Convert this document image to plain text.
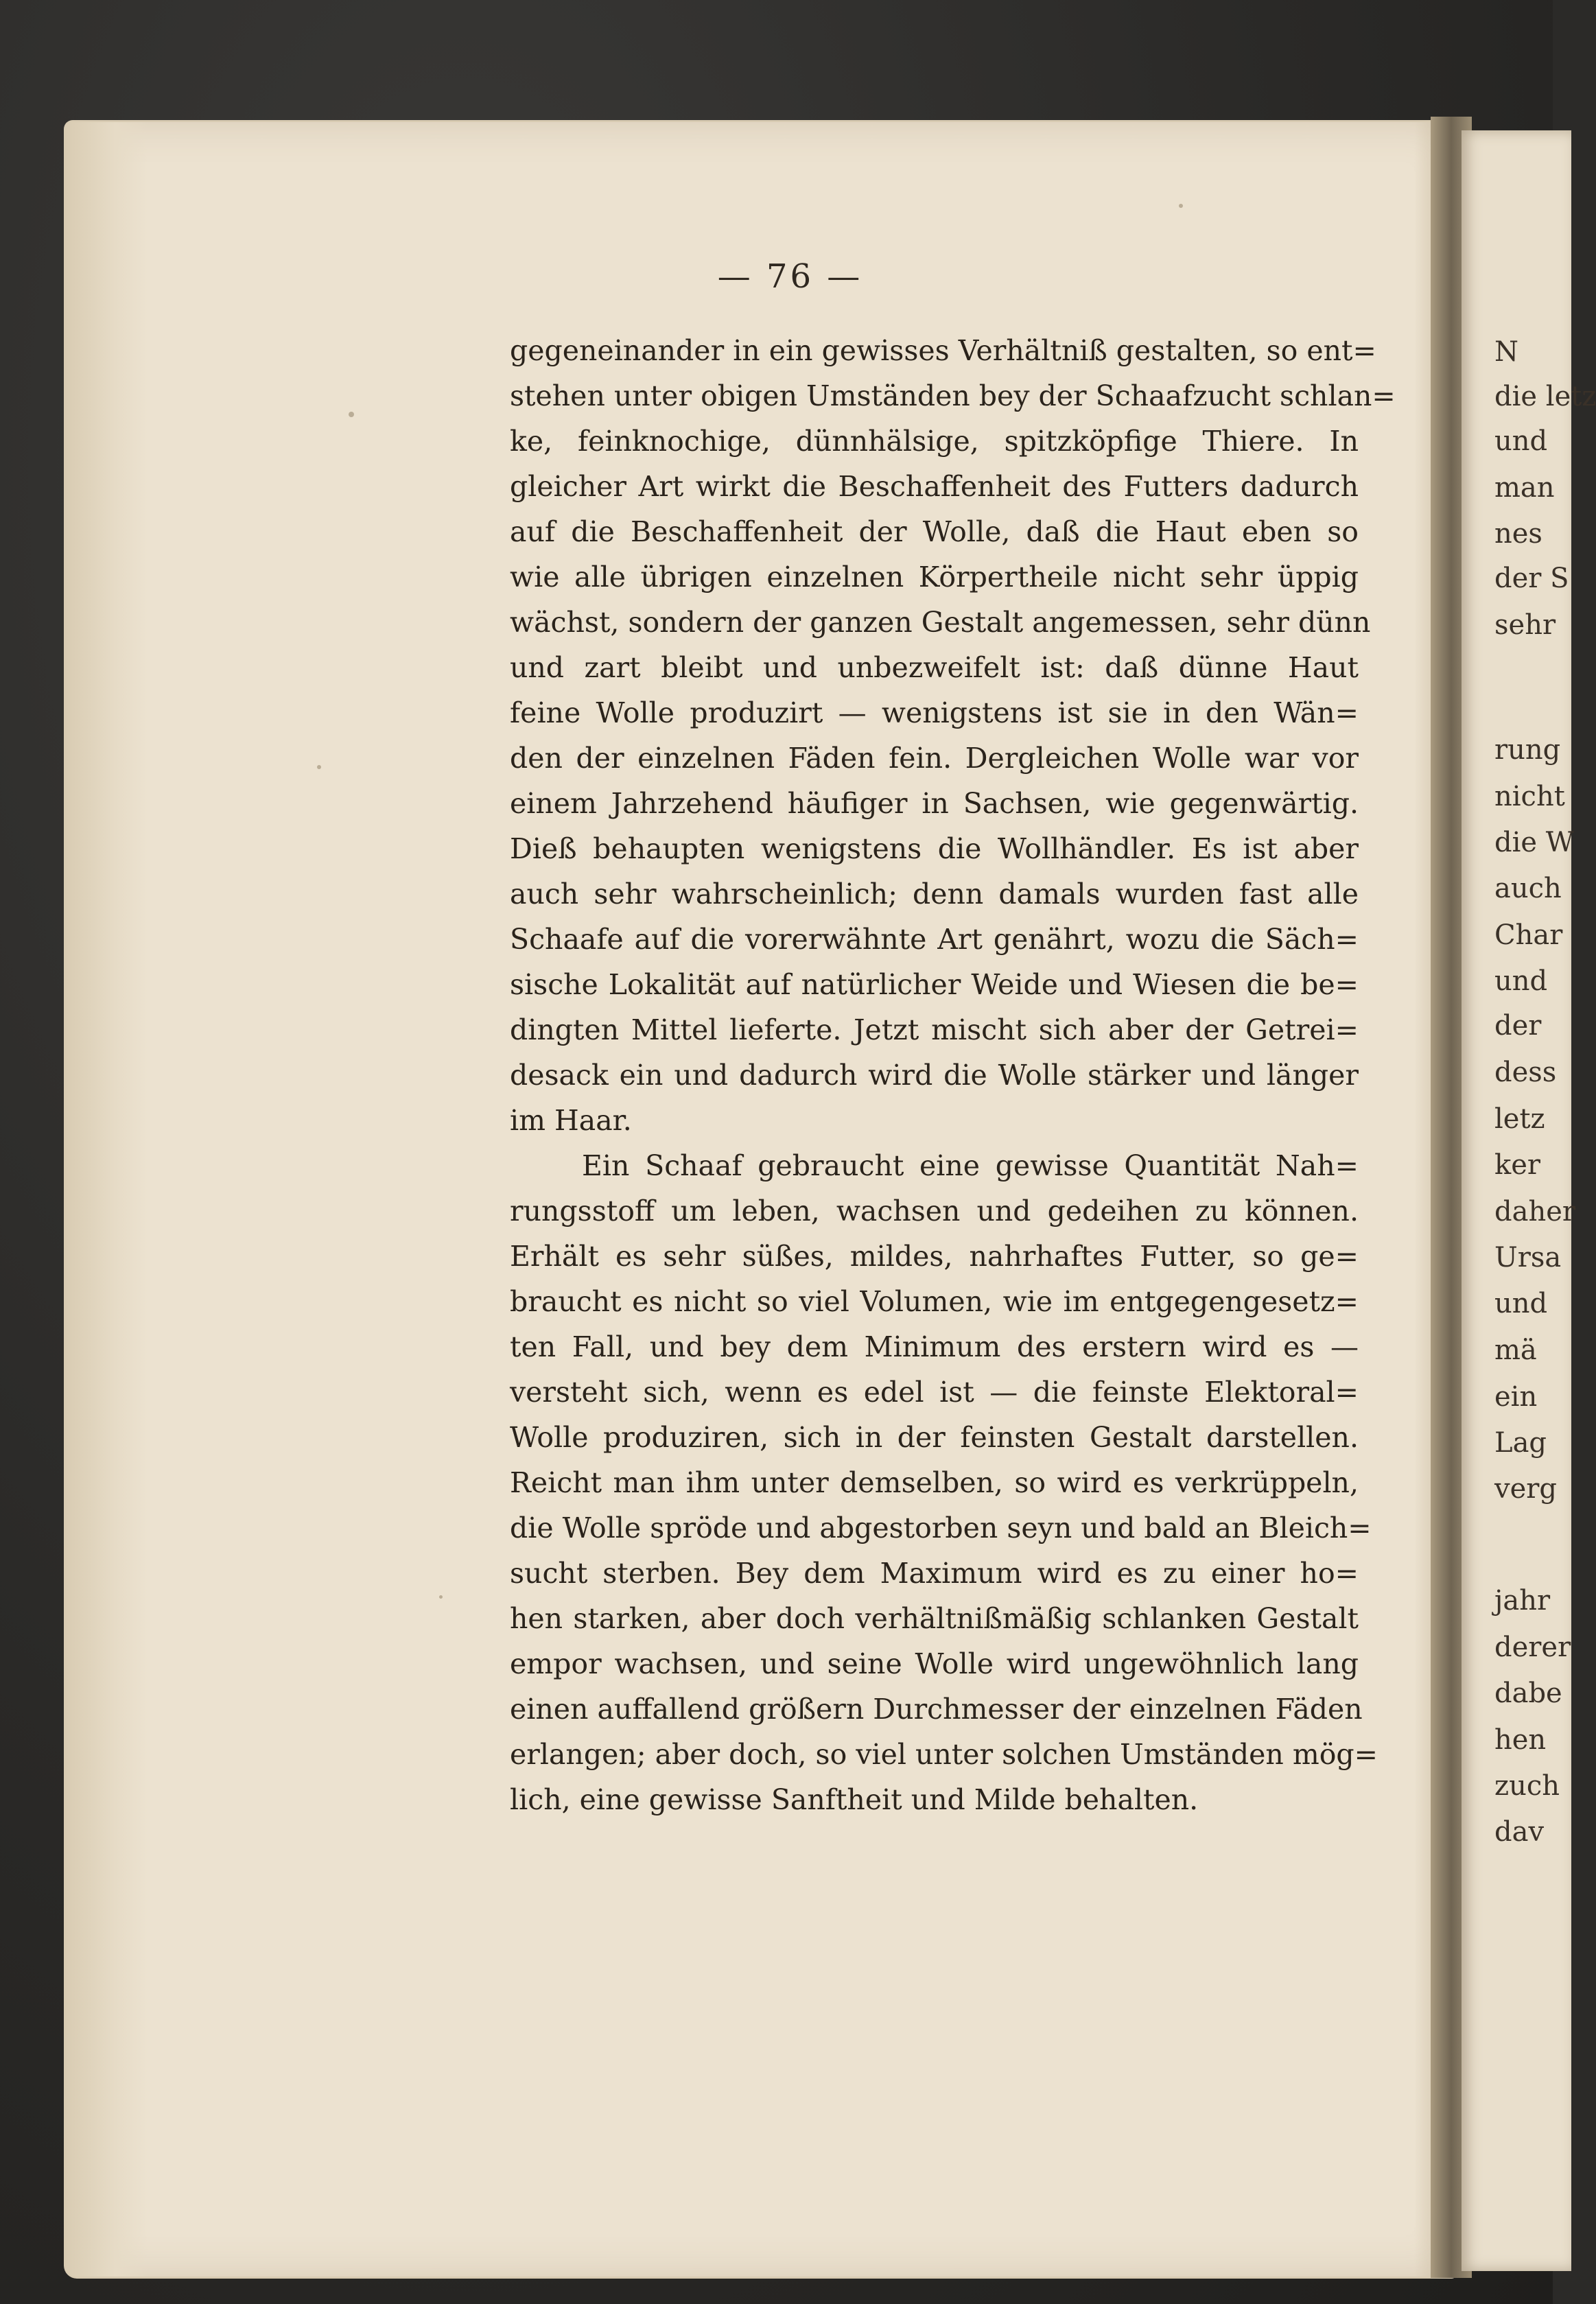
— 76 —
gegeneinander in ein gewisses Verhältniß gestalten, so ent=
stehen unter obigen Umständen bey der Schaafzucht schlan=
ke, feinknochige, dünnhälsige, spitzköpfige Thiere. In
gleicher Art wirkt die Beschaffenheit des Futters dadurch
auf die Beschaffenheit der Wolle, daß die Haut eben so
wie alle übrigen einzelnen Körpertheile nicht sehr üppig
wächst, sondern der ganzen Gestalt angemessen, sehr dünn
und zart bleibt und unbezweifelt ist: daß dünne Haut
feine Wolle produzirt — wenigstens ist sie in den Wän=
den der einzelnen Fäden fein. Dergleichen Wolle war vor
einem Jahrzehend häufiger in Sachsen, wie gegenwärtig.
Dieß behaupten wenigstens die Wollhändler. Es ist aber
auch sehr wahrscheinlich; denn damals wurden fast alle
Schaafe auf die vorerwähnte Art genährt, wozu die Säch=
sische Lokalität auf natürlicher Weide und Wiesen die be=
dingten Mittel lieferte. Jetzt mischt sich aber der Getrei=
desack ein und dadurch wird die Wolle stärker und länger
im Haar.
Ein Schaaf gebraucht eine gewisse Quantität Nah=
rungsstoff um leben, wachsen und gedeihen zu können.
Erhält es sehr süßes, mildes, nahrhaftes Futter, so ge=
braucht es nicht so viel Volumen, wie im entgegengesetz=
ten Fall, und bey dem Minimum des erstern wird es —
versteht sich, wenn es edel ist — die feinste Elektoral=
Wolle produziren, sich in der feinsten Gestalt darstellen.
Reicht man ihm unter demselben, so wird es verkrüppeln,
die Wolle spröde und abgestorben seyn und bald an Bleich=
sucht sterben. Bey dem Maximum wird es zu einer ho=
hen starken, aber doch verhältnißmäßig schlanken Gestalt
empor wachsen, und seine Wolle wird ungewöhnlich lang
einen auffallend größern Durchmesser der einzelnen Fäden
erlangen; aber doch, so viel unter solchen Umständen mög=
lich, eine gewisse Sanftheit und Milde behalten.
N
die letz
und
man
nes
der S
sehr
rung
nicht
die W
auch
Char
und
der
dess
letz
ker
daher
Ursa
und
mä
ein
Lag
verg
jahr
derer
dabe
hen
zuch
dav
